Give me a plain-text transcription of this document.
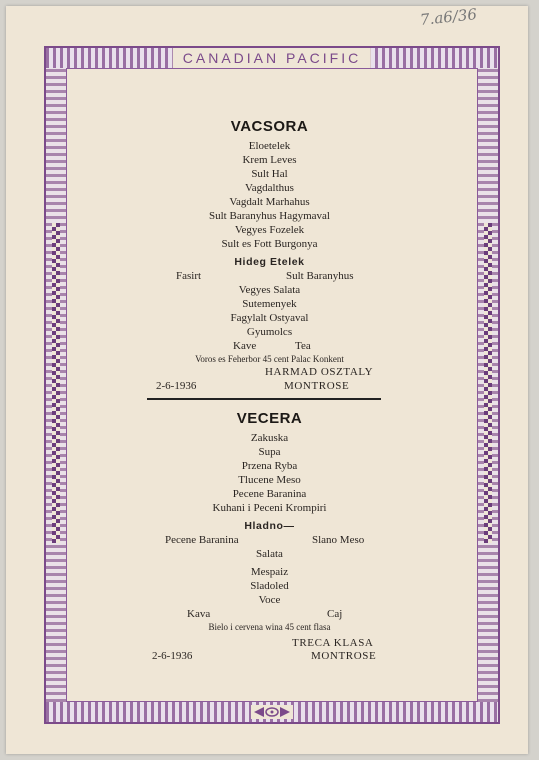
CANADIAN PACIFIC
7.a6/36
VACSORA
Eloetelek
Krem Leves
Sult Hal
Vagdalthus
Vagdalt Marhahus
Sult Baranyhus Hagymaval
Vegyes Fozelek
Sult es Fott Burgonya
Hideg Etelek
Fasirt	Sult Baranyhus
Vegyes Salata
Sutemenyek
Fagylalt Ostyaval
Gyumolcs
Kave	Tea
Voros es Feherbor 45 cent Palac Konkent
HARMAD OSZTALY
2-6-1936	MONTROSE
VECERA
Zakuska
Supa
Przena Ryba
Tlucene Meso
Pecene Baranina
Kuhani i Peceni Krompiri
Hladno—
Pecene Baranina	Slano Meso
Salata
Mespaiz
Sladoled
Voce
Kava	Caj
Bielo i cervena wina 45 cent flasa
TRECA KLASA
2-6-1936	MONTROSE
